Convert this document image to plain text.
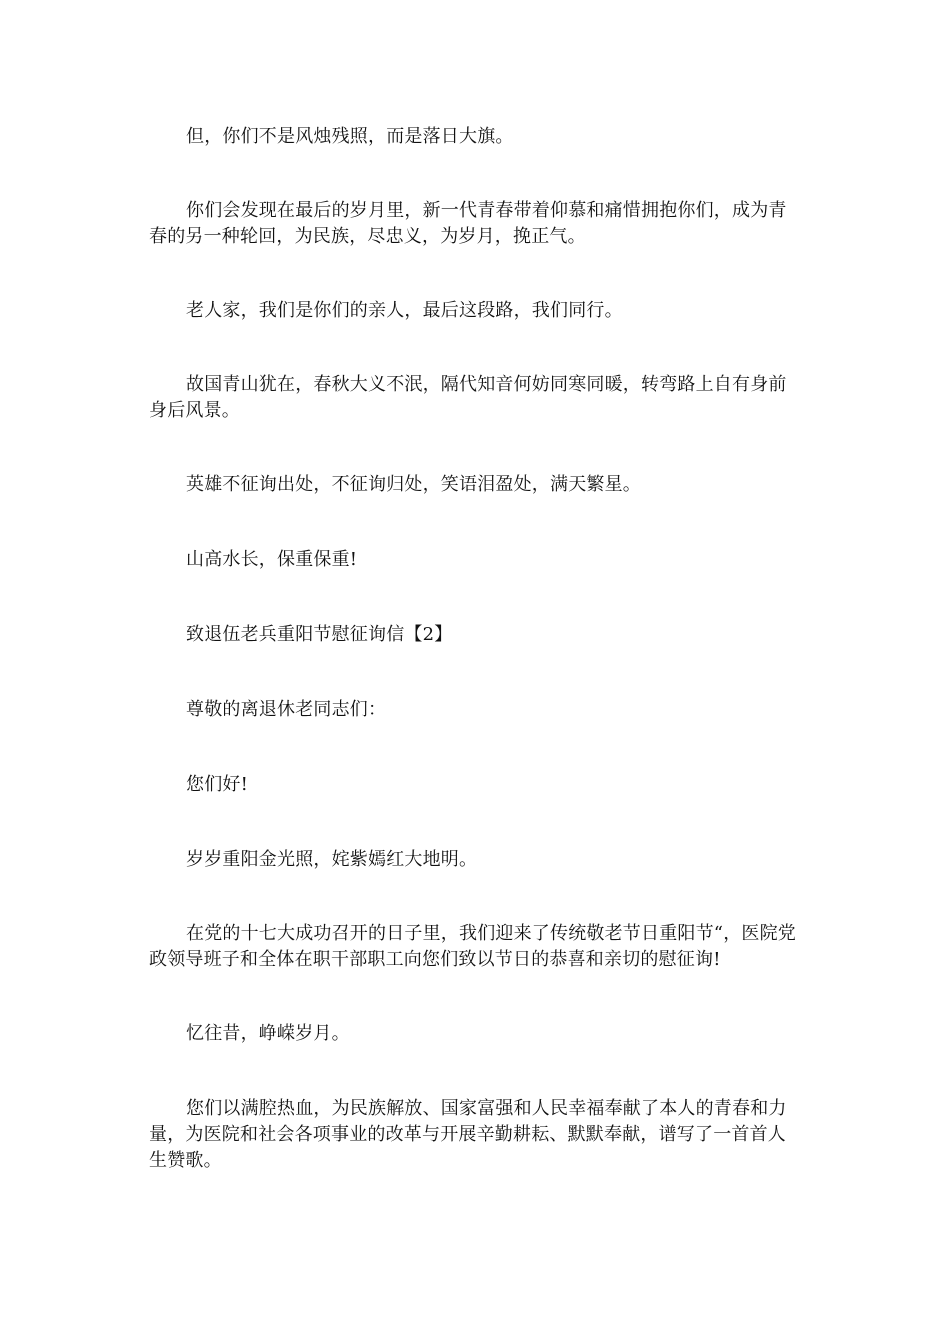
但，你们不是风烛残照，而是落日大旗。

你们会发现在最后的岁月里，新一代青春带着仰慕和痛惜拥抱你们，成为青春的另一种轮回，为民族，尽忠义，为岁月，挽正气。

老人家，我们是你们的亲人，最后这段路，我们同行。

故国青山犹在，春秋大义不泯，隔代知音何妨同寒同暖，转弯路上自有身前身后风景。

英雄不征询出处，不征询归处，笑语泪盈处，满天繁星。

山高水长，保重保重!

致退伍老兵重阳节慰征询信【2】

尊敬的离退休老同志们：

您们好!

岁岁重阳金光照，姹紫嫣红大地明。

在党的十七大成功召开的日子里，我们迎来了传统敬老节日重阳节“，医院党政领导班子和全体在职干部职工向您们致以节日的恭喜和亲切的慰征询!

忆往昔，峥嵘岁月。

您们以满腔热血，为民族解放、国家富强和人民幸福奉献了本人的青春和力量，为医院和社会各项事业的改革与开展辛勤耕耘、默默奉献，谱写了一首首人生赞歌。
